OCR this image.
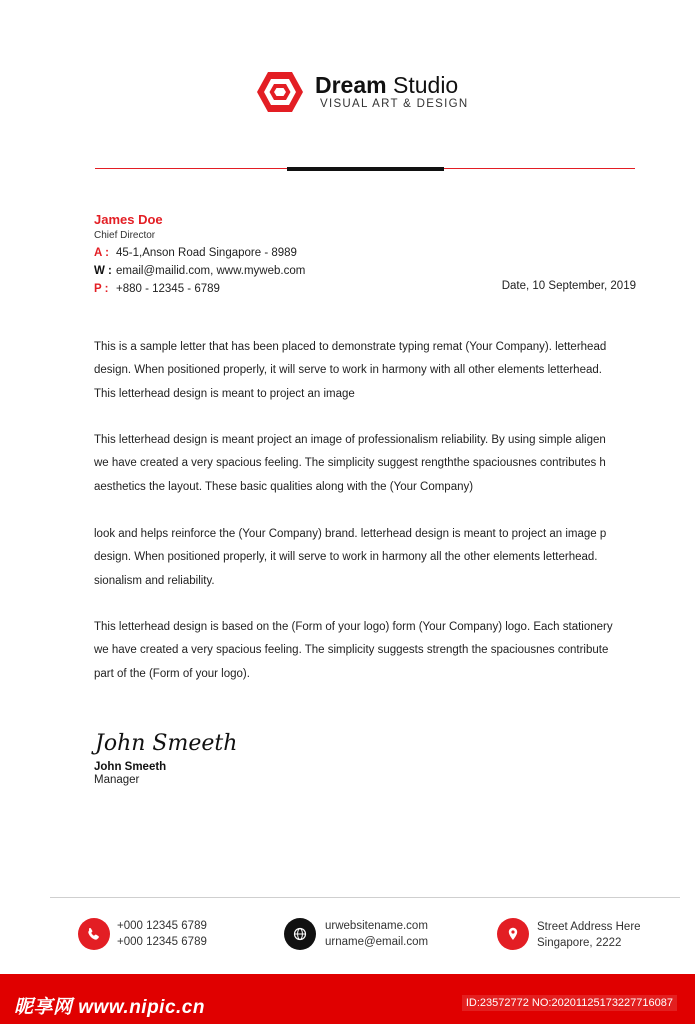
Dream Studio
VISUAL ART & DESIGN
James Doe
Chief Director
A : 45-1,Anson Road Singapore - 8989
W : email@mailid.com, www.myweb.com
P : +880 - 12345 - 6789	Date, 10 September, 2019
This is a sample letter that has been placed to demonstrate typing remat (Your Company). letterhead
design. When positioned properly, it will serve to work in harmony with all other elements letterhead.
This letterhead design is meant to project an image
This letterhead design is meant project an image of professionalism reliability. By using simple aligen
we have created a very spacious feeling. The simplicity suggest rengththe spaciousnes contributes h
aesthetics the layout. These basic qualities along with the (Your Company)
look and helps reinforce the (Your Company) brand. letterhead design is meant to project an image p
design. When positioned properly, it will serve to work in harmony all the other elements letterhead.
sionalism and reliability.
This letterhead design is based on the (Form of your logo) form (Your Company) logo. Each stationery
we have created a very spacious feeling. The simplicity suggests strength the spaciousnes contribute
part of the (Form of your logo).
John Smeeth
John Smeeth
Manager
+000 12345 6789
+000 12345 6789
urwebsitename.com
urname@email.com
Street Address Here
Singapore, 2222
昵享网 www.nipic.cn	ID:23572772 NO:20201125173227716087
